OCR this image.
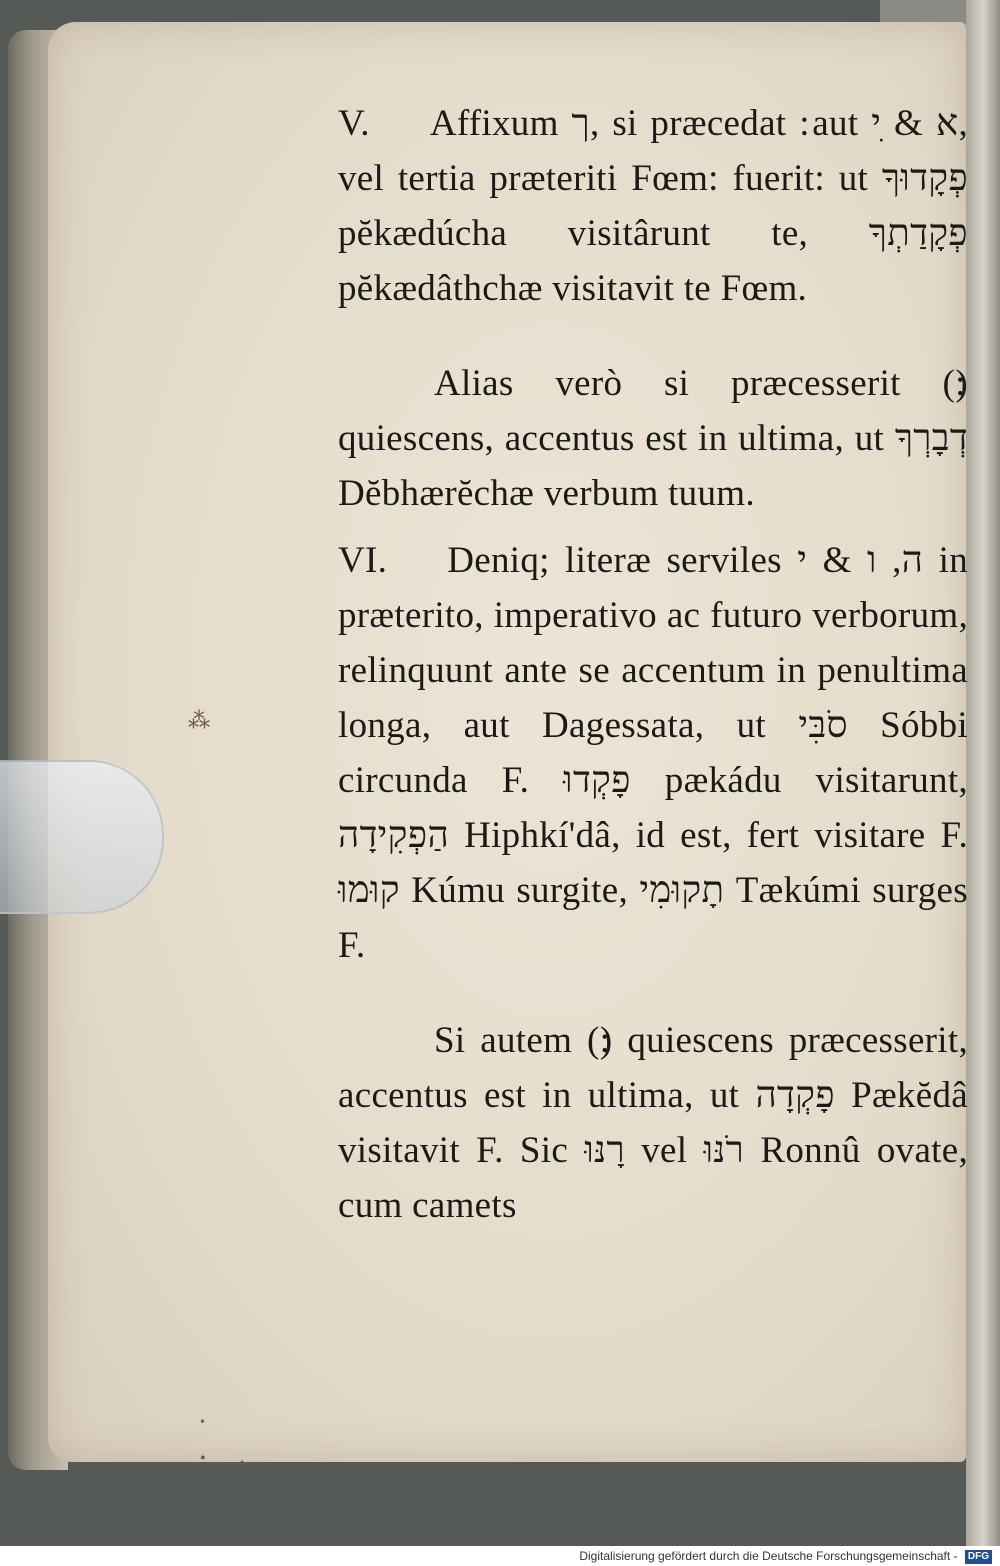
⁂
•
•	•

V. Affixum ך, si præcedat ׃ aut א & ִי, vel tertia præteriti Fœm: fuerit: ut פְקָדוּךָ pĕkædúcha visitârunt te, פְקָדַתְךָ pĕkædâthchæ visitavit te Fœm.

Alias verò si præcesserit (׃) quiescens, accentus est in ultima, ut דְבָרְךָ Dĕbhærĕchæ verbum tuum.

VI. Deniq; literæ serviles ה, ו & י in præterito, imperativo ac futuro verborum, relinquunt ante se accentum in penultima longa, aut Dagessata, ut סֹבִּי Sóbbi circunda F. פָקְדוּ pækádu visitarunt, הַפְקִידָה Hiphkí'dâ, id est, fert visitare F. קוּמוּ Kúmu surgite, תָקוּמִי Tækúmi surges F.

Si autem (׃) quiescens præcesserit, accentus est in ultima, ut פָקְדָה Pækĕdâ visitavit F. Sic רָנּוּ vel רֹנּוּ Ronnû ovate, cum camets

Digitalisierung gefördert durch die Deutsche Forschungsgemeinschaft - DFG
